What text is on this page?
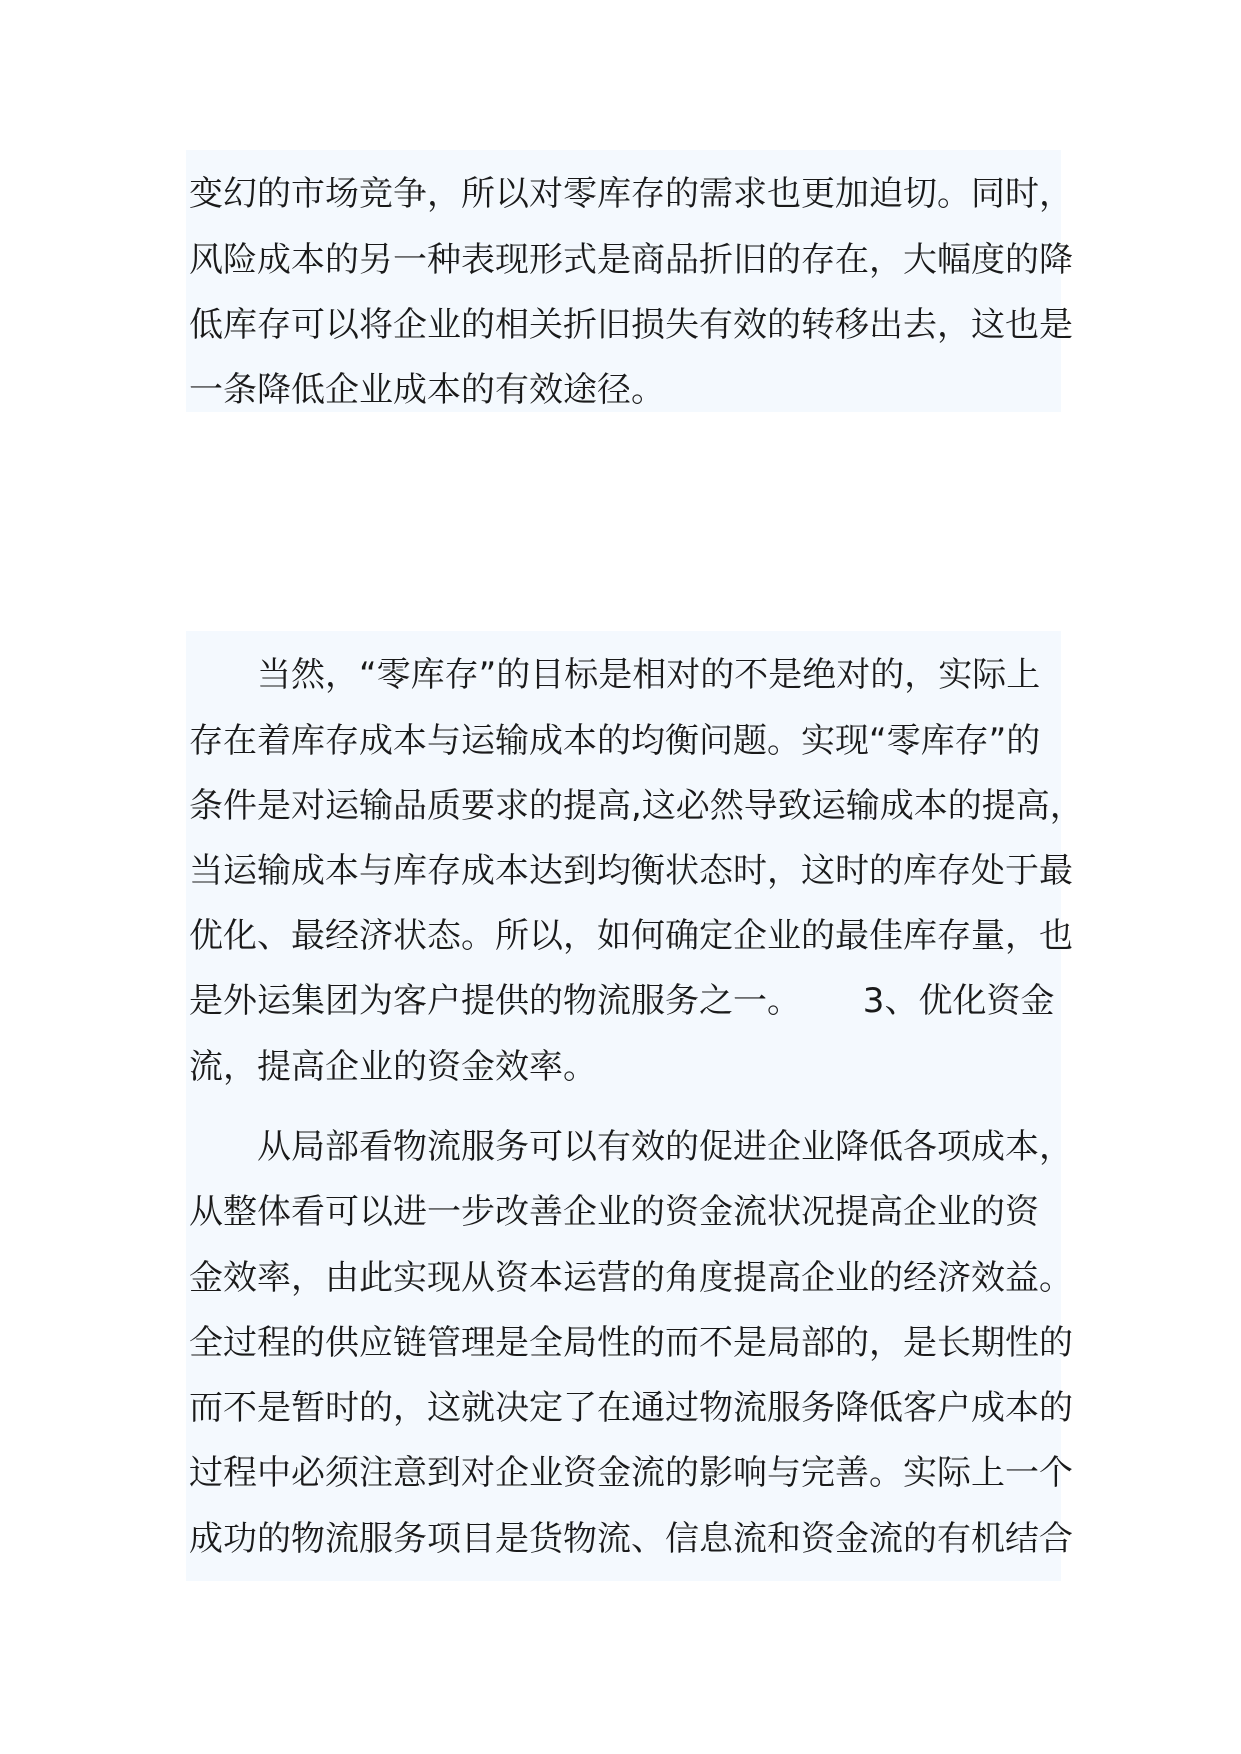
变幻的市场竞争，所以对零库存的需求也更加迫切。同时，
风险成本的另一种表现形式是商品折旧的存在，大幅度的降
低库存可以将企业的相关折旧损失有效的转移出去，这也是
一条降低企业成本的有效途径。
　　当然，“零库存”的目标是相对的不是绝对的，实际上
存在着库存成本与运输成本的均衡问题。实现“零库存”的
条件是对运输品质要求的提高,这必然导致运输成本的提高，
当运输成本与库存成本达到均衡状态时，这时的库存处于最
优化、最经济状态。所以，如何确定企业的最佳库存量，也
是外运集团为客户提供的物流服务之一。　　 3、优化资金
流，提高企业的资金效率。
　　从局部看物流服务可以有效的促进企业降低各项成本，
从整体看可以进一步改善企业的资金流状况提高企业的资
金效率，由此实现从资本运营的角度提高企业的经济效益。
全过程的供应链管理是全局性的而不是局部的，是长期性的
而不是暂时的，这就决定了在通过物流服务降低客户成本的
过程中必须注意到对企业资金流的影响与完善。实际上一个
成功的物流服务项目是货物流、信息流和资金流的有机结合
